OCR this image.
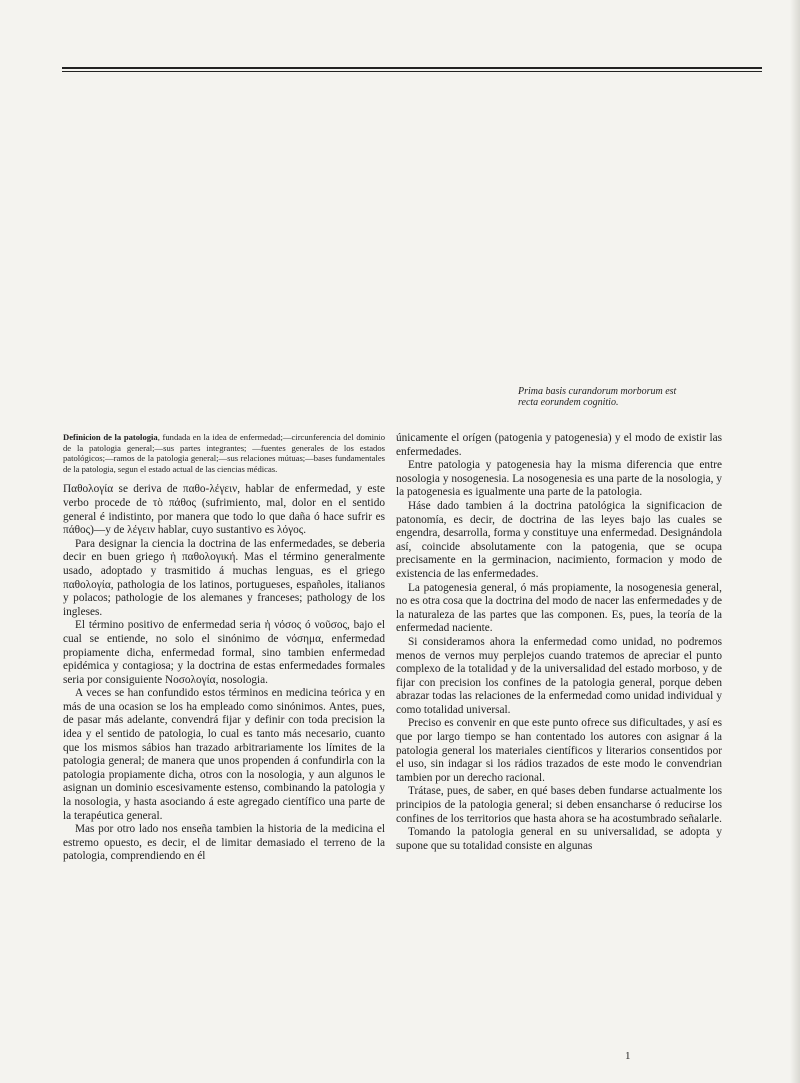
Prima basis curandorum morborum est
recta eorundem cognitio.
Definicion de la patologia, fundada en la idea de enfermedad;—circunferencia del dominio de la patologia general;—sus partes integrantes; —fuentes generales de los estados patológicos;—ramos de la patologia general;—sus relaciones mútuas;—bases fundamentales de la patologia, segun el estado actual de las ciencias médicas.

Παθολογία se deriva de παθο-λέγειν, hablar de enfermedad, y este verbo procede de τὸ πάθος (sufrimiento, mal, dolor en el sentido general é indistinto, por manera que todo lo que daña ó hace sufrir es πάθος)—y de λέγειν hablar, cuyo sustantivo es λόγος.

Para designar la ciencia la doctrina de las enfermedades, se deberia decir en buen griego ἡ παθολογική. Mas el término generalmente usado, adoptado y trasmitido á muchas lenguas, es el griego παθολογία, pathologia de los latinos, portugueses, españoles, italianos y polacos; pathologie de los alemanes y franceses; pathology de los ingleses.

El término positivo de enfermedad seria ἡ νόσος ó νοῦσος, bajo el cual se entiende, no solo el sinónimo de νόσημα, enfermedad propiamente dicha, enfermedad formal, sino tambien enfermedad epidémica y contagiosa; y la doctrina de estas enfermedades formales seria por consiguiente Νοσολογία, nosologia.

A veces se han confundido estos términos en medicina teórica y en más de una ocasion se los ha empleado como sinónimos. Antes, pues, de pasar más adelante, convendrá fijar y definir con toda precision la idea y el sentido de patologia, lo cual es tanto más necesario, cuanto que los mismos sábios han trazado arbitrariamente los límites de la patologia general; de manera que unos propenden á confundirla con la patologia propiamente dicha, otros con la nosologia, y aun algunos le asignan un dominio escesivamente estenso, combinando la patologia y la nosologia, y hasta asociando á este agregado científico una parte de la terapéutica general.

Mas por otro lado nos enseña tambien la historia de la medicina el estremo opuesto, es decir, el de limitar demasiado el terreno de la patologia, comprendiendo en él

únicamente el orígen (patogenia y patogenesia) y el modo de existir las enfermedades.

Entre patologia y patogenesia hay la misma diferencia que entre nosologia y nosogenesia. La nosogenesia es una parte de la nosologia, y la patogenesia es igualmente una parte de la patologia.

Háse dado tambien á la doctrina patológica la significacion de patonomía, es decir, de doctrina de las leyes bajo las cuales se engendra, desarrolla, forma y constituye una enfermedad. Designándola así, coincide absolutamente con la patogenia, que se ocupa precisamente en la germinacion, nacimiento, formacion y modo de existencia de las enfermedades.

La patogenesia general, ó más propiamente, la nosogenesia general, no es otra cosa que la doctrina del modo de nacer las enfermedades y de la naturaleza de las partes que las componen. Es, pues, la teoría de la enfermedad naciente.

Si consideramos ahora la enfermedad como unidad, no podremos menos de vernos muy perplejos cuando tratemos de apreciar el punto complexo de la totalidad y de la universalidad del estado morboso, y de fijar con precision los confines de la patologia general, porque deben abrazar todas las relaciones de la enfermedad como unidad individual y como totalidad universal.

Preciso es convenir en que este punto ofrece sus dificultades, y así es que por largo tiempo se han contentado los autores con asignar á la patologia general los materiales científicos y literarios consentidos por el uso, sin indagar si los rádios trazados de este modo le convendrian tambien por un derecho racional.

Trátase, pues, de saber, en qué bases deben fundarse actualmente los principios de la patologia general; si deben ensancharse ó reducirse los confines de los territorios que hasta ahora se ha acostumbrado señalarle.

Tomando la patologia general en su universalidad, se adopta y supone que su totalidad consiste en algunas

1
